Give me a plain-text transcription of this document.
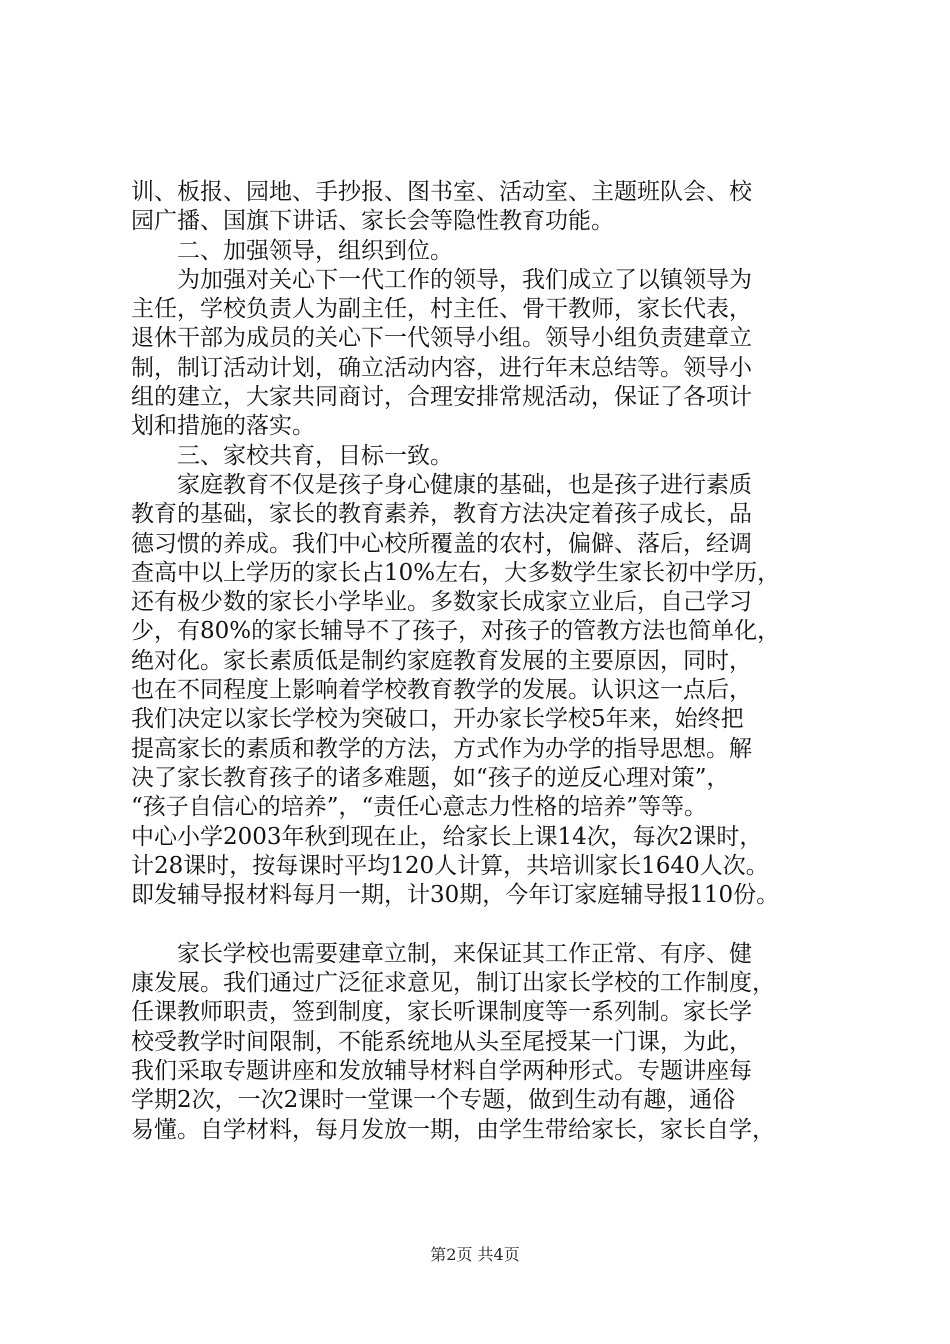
训、板报、园地、手抄报、图书室、活动室、主题班队会、校
园广播、国旗下讲话、家长会等隐性教育功能。
二、加强领导，组织到位。
为加强对关心下一代工作的领导，我们成立了以镇领导为
主任，学校负责人为副主任，村主任、骨干教师，家长代表，
退休干部为成员的关心下一代领导小组。领导小组负责建章立
制，制订活动计划，确立活动内容，进行年末总结等。领导小
组的建立，大家共同商讨，合理安排常规活动，保证了各项计
划和措施的落实。
三、家校共育，目标一致。
家庭教育不仅是孩子身心健康的基础，也是孩子进行素质
教育的基础，家长的教育素养，教育方法决定着孩子成长，品
德习惯的养成。我们中心校所覆盖的农村，偏僻、落后，经调
查高中以上学历的家长占10%左右，大多数学生家长初中学历，
还有极少数的家长小学毕业。多数家长成家立业后，自己学习
少，有80%的家长辅导不了孩子，对孩子的管教方法也简单化，
绝对化。家长素质低是制约家庭教育发展的主要原因，同时，
也在不同程度上影响着学校教育教学的发展。认识这一点后，
我们决定以家长学校为突破口，开办家长学校5年来，始终把
提高家长的素质和教学的方法，方式作为办学的指导思想。解
决了家长教育孩子的诸多难题，如“孩子的逆反心理对策”，
“孩子自信心的培养”，“责任心意志力性格的培养”等等。
中心小学2003年秋到现在止，给家长上课14次，每次2课时，
计28课时，按每课时平均120人计算，共培训家长1640人次。
即发辅导报材料每月一期，计30期，今年订家庭辅导报110份。
家长学校也需要建章立制，来保证其工作正常、有序、健
康发展。我们通过广泛征求意见，制订出家长学校的工作制度，
任课教师职责，签到制度，家长听课制度等一系列制。家长学
校受教学时间限制，不能系统地从头至尾授某一门课，为此，
我们采取专题讲座和发放辅导材料自学两种形式。专题讲座每
学期2次，一次2课时一堂课一个专题，做到生动有趣，通俗
易懂。自学材料，每月发放一期，由学生带给家长，家长自学，
第2页 共4页
